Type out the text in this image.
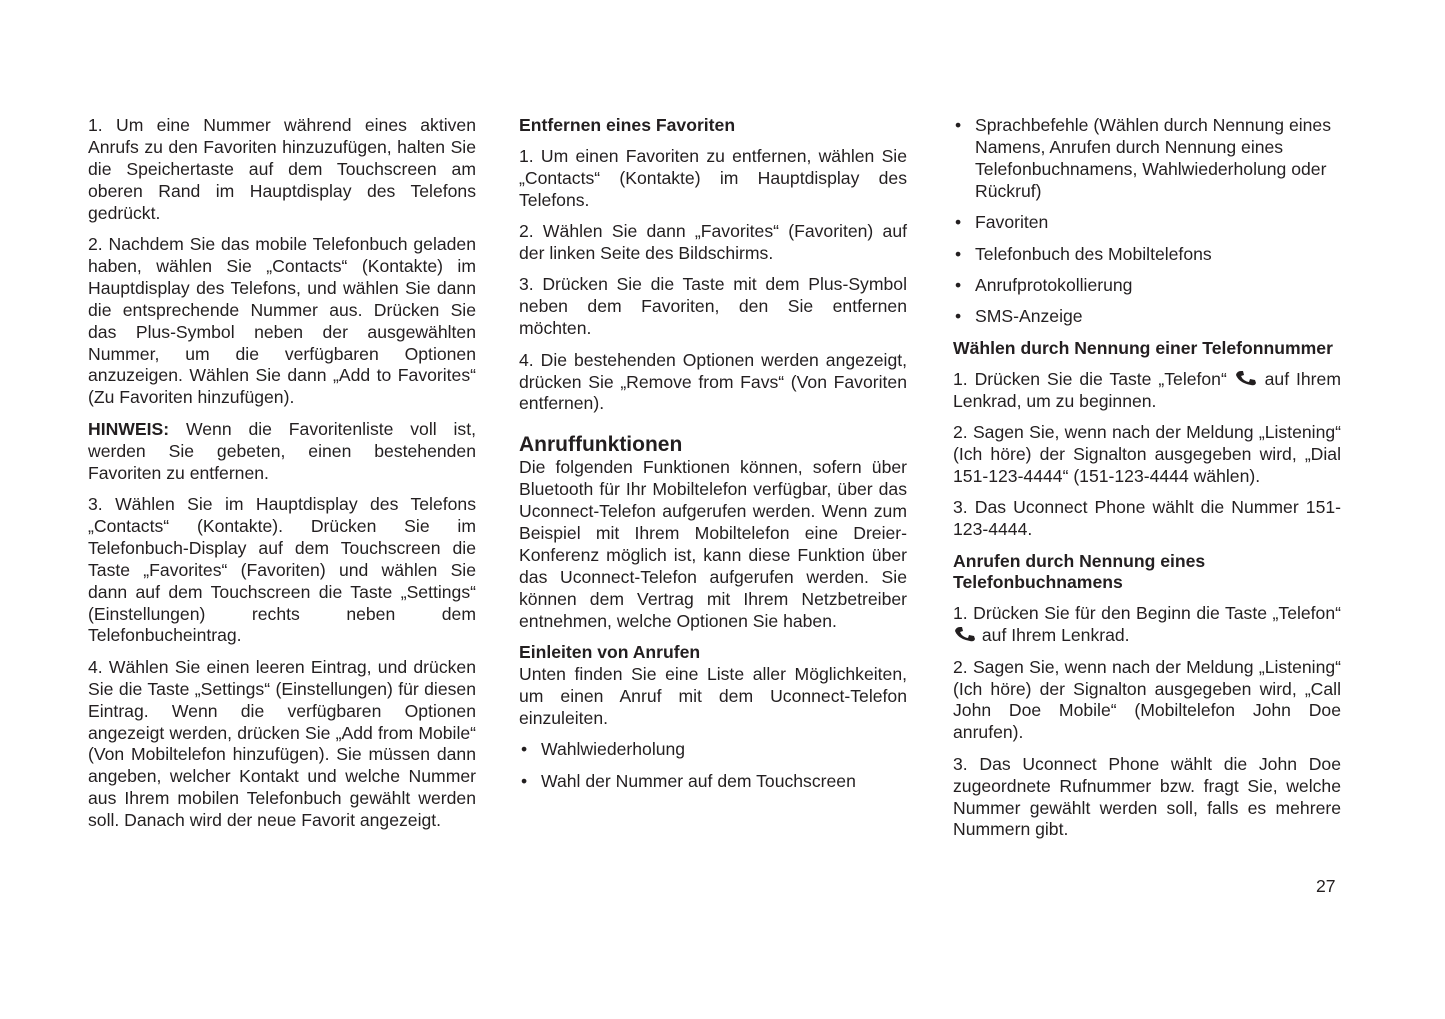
1. Um eine Nummer während eines aktiven Anrufs zu den Favoriten hinzuzufügen, halten Sie die Speichertaste auf dem Touchscreen am oberen Rand im Hauptdisplay des Telefons gedrückt.

2. Nachdem Sie das mobile Telefonbuch geladen haben, wählen Sie „Contacts“ (Kontakte) im Hauptdisplay des Telefons, und wählen Sie dann die entsprechende Nummer aus. Drücken Sie das Plus-Symbol neben der ausgewählten Nummer, um die verfügbaren Optionen anzuzeigen. Wählen Sie dann „Add to Favorites“ (Zu Favoriten hinzufügen).

HINWEIS: Wenn die Favoritenliste voll ist, werden Sie gebeten, einen bestehenden Favoriten zu entfernen.

3. Wählen Sie im Hauptdisplay des Telefons „Contacts“ (Kontakte). Drücken Sie im Telefonbuch-Display auf dem Touchscreen die Taste „Favorites“ (Favoriten) und wählen Sie dann auf dem Touchscreen die Taste „Settings“ (Einstellungen) rechts neben dem Telefonbucheintrag.

4. Wählen Sie einen leeren Eintrag, und drücken Sie die Taste „Settings“ (Einstellungen) für diesen Eintrag. Wenn die verfügbaren Optionen angezeigt werden, drücken Sie „Add from Mobile“ (Von Mobiltelefon hinzufügen). Sie müssen dann angeben, welcher Kontakt und welche Nummer aus Ihrem mobilen Telefonbuch gewählt werden soll. Danach wird der neue Favorit angezeigt.

Entfernen eines Favoriten

1. Um einen Favoriten zu entfernen, wählen Sie „Contacts“ (Kontakte) im Hauptdisplay des Telefons.

2. Wählen Sie dann „Favorites“ (Favoriten) auf der linken Seite des Bildschirms.

3. Drücken Sie die Taste mit dem Plus-Symbol neben dem Favoriten, den Sie entfernen möchten.

4. Die bestehenden Optionen werden angezeigt, drücken Sie „Remove from Favs“ (Von Favoriten entfernen).

Anruffunktionen

Die folgenden Funktionen können, sofern über Bluetooth für Ihr Mobiltelefon verfügbar, über das Uconnect-Telefon aufgerufen werden. Wenn zum Beispiel mit Ihrem Mobiltelefon eine Dreier-Konferenz möglich ist, kann diese Funktion über das Uconnect-Telefon aufgerufen werden. Sie können dem Vertrag mit Ihrem Netzbetreiber entnehmen, welche Optionen Sie haben.

Einleiten von Anrufen

Unten finden Sie eine Liste aller Möglichkeiten, um einen Anruf mit dem Uconnect-Telefon einzuleiten.

• Wahlwiederholung
• Wahl der Nummer auf dem Touchscreen
• Sprachbefehle (Wählen durch Nennung eines Namens, Anrufen durch Nennung eines Telefonbuchnamens, Wahlwiederholung oder Rückruf)
• Favoriten
• Telefonbuch des Mobiltelefons
• Anrufprotokollierung
• SMS-Anzeige
Wählen durch Nennung einer Telefonnummer

1. Drücken Sie die Taste „Telefon“  auf Ihrem Lenkrad, um zu beginnen.

2. Sagen Sie, wenn nach der Meldung „Listening“ (Ich höre) der Signalton ausgegeben wird, „Dial 151-123-4444“ (151-123-4444 wählen).

3. Das Uconnect Phone wählt die Nummer 151-123-4444.

Anrufen durch Nennung eines Telefonbuchnamens

1. Drücken Sie für den Beginn die Taste „Telefon“  auf Ihrem Lenkrad.

2. Sagen Sie, wenn nach der Meldung „Listening“ (Ich höre) der Signalton ausgegeben wird, „Call John Doe Mobile“ (Mobiltelefon John Doe anrufen).

3. Das Uconnect Phone wählt die John Doe zugeordnete Rufnummer bzw. fragt Sie, welche Nummer gewählt werden soll, falls es mehrere Nummern gibt.

27
